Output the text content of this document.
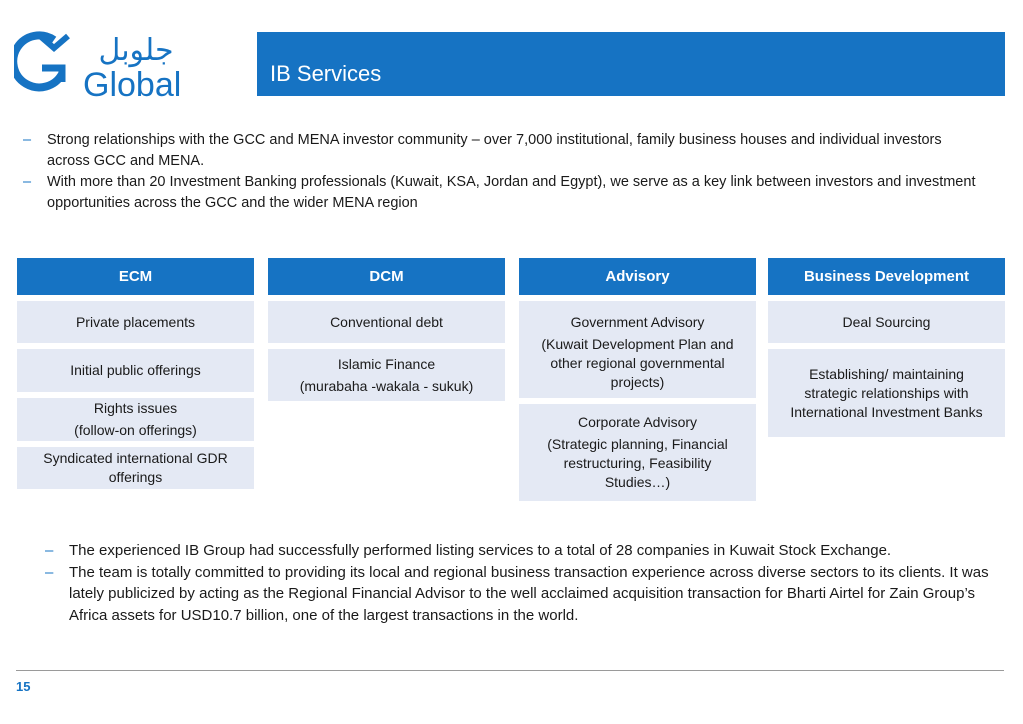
جلوبل
Global	IB Services
– Strong relationships with the GCC and MENA investor community – over 7,000 institutional, family business houses and individual investors across GCC and MENA.
– With more than 20 Investment Banking professionals (Kuwait, KSA, Jordan and Egypt), we serve as a key link between investors and investment opportunities across the GCC and the wider MENA region
ECM
Private placements
Initial public offerings
Rights issues
(follow-on offerings)
Syndicated international GDR offerings
DCM
Conventional debt
Islamic Finance
(murabaha -wakala - sukuk)
Advisory
Government Advisory
(Kuwait Development Plan and other regional governmental projects)
Corporate Advisory
(Strategic planning, Financial restructuring, Feasibility Studies…)
Business Development
Deal Sourcing
Establishing/ maintaining strategic relationships with International Investment Banks
– The experienced IB Group had successfully performed listing services to a total of 28 companies in Kuwait Stock Exchange.
– The team is totally committed to providing its local and regional business transaction experience across diverse sectors to its clients. It was lately publicized by acting as the Regional Financial Advisor to the well acclaimed acquisition transaction for Bharti Airtel for Zain Group’s Africa assets for USD10.7 billion, one of the largest transactions in the world.
15
